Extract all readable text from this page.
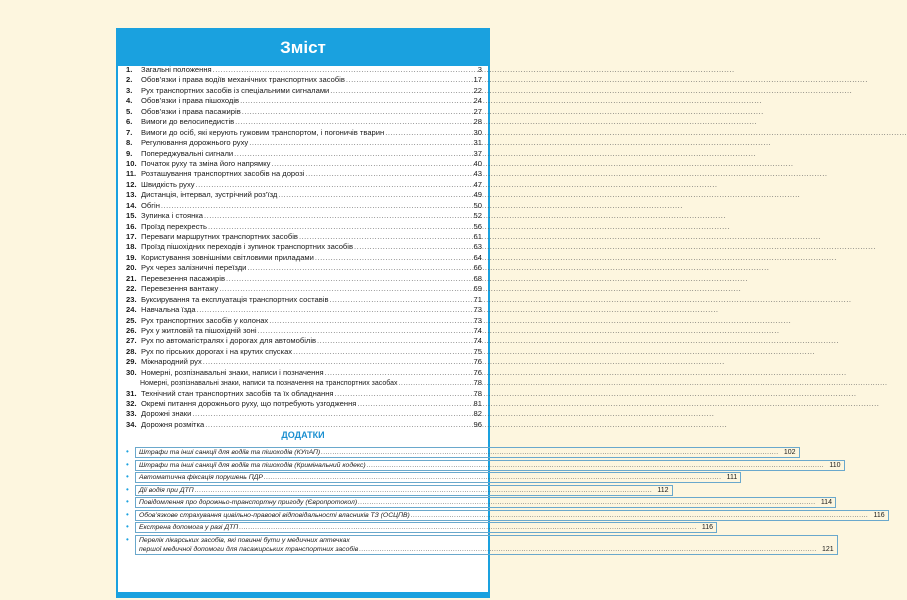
Зміст
1.	Загальні положення .....	3
2.	Обов’язки і права водіїв механічних транспортних засобів .....	17
3.	Рух транспортних засобів із спеціальними сигналами .....	22
4.	Обов’язки і права пішоходів .....	24
5.	Обов’язки і права пасажирів .....	27
6.	Вимоги до велосипедистів .....	28
7.	Вимоги до осіб, які керують гужовим транспортом, і погоничів тварин .....	30
8.	Регулювання дорожнього руху .....	31
9.	Попереджувальні сигнали .....	37
10. Початок руху та зміна його напрямку .....	40
11. Розташування транспортних засобів на дорозі .....	43
12. Швидкість руху .....	47
13. Дистанція, інтервал, зустрічний роз’їзд .....	49
14. Обгін .....	50
15. Зупинка і стоянка .....	52
16. Проїзд перехресть .....	56
17. Переваги маршрутних транспортних засобів .....	61
18. Проїзд пішохідних переходів і зупинок транспортних засобів .....	63
19. Користування зовнішніми світловими приладами .....	64
20. Рух через залізничні переїзди .....	66
21. Перевезення пасажирів .....	68
22. Перевезення вантажу .....	69
23. Буксирування та експлуатація транспортних составів .....	71
24. Навчальна їзда .....	73
25. Рух транспортних засобів у колонах .....	73
26. Рух у житловій та пішохідній зоні .....	74
27. Рух по автомагістралях і дорогах для автомобілів .....	74
28. Рух по гірських дорогах і на крутих спусках .....	75
29. Міжнародний рух .....	76
30. Номерні, розпізнавальні знаки, написи і позначення .....	76
Номерні, розпізнавальні знаки, написи та позначення на транспортних засобах .....	78
31. Технічний стан транспортних засобів та їх обладнання .....	78
32. Окремі питання дорожнього руху, що потребують узгодження .....	81
33. Дорожні знаки .....	82
34. Дорожня розмітка .....	96
ДОДАТКИ
•	Штрафи та інші санкції для водіїв та пішоходів (КУпАП) .....	102
•	Штрафи та інші санкції для водіїв та пішоходів (Кримінальний кодекс) .....	110
•	Автоматична фіксація порушень ПДР .....	111
•	Дії водія при ДТП .....	112
•	Повідомлення про дорожньо-транспортну пригоду (Європротокол) .....	114
•	Обов’язкове страхування цивільно-правової відповідальності власників ТЗ (ОСЦПВ) .....	116
•	Екстрена допомога у разі ДТП .....	116
•	Перелік лікарських засобів, які повинні бути у медичних аптечках
першої медичної допомоги для пасажирських транспортних засобів .....	121
